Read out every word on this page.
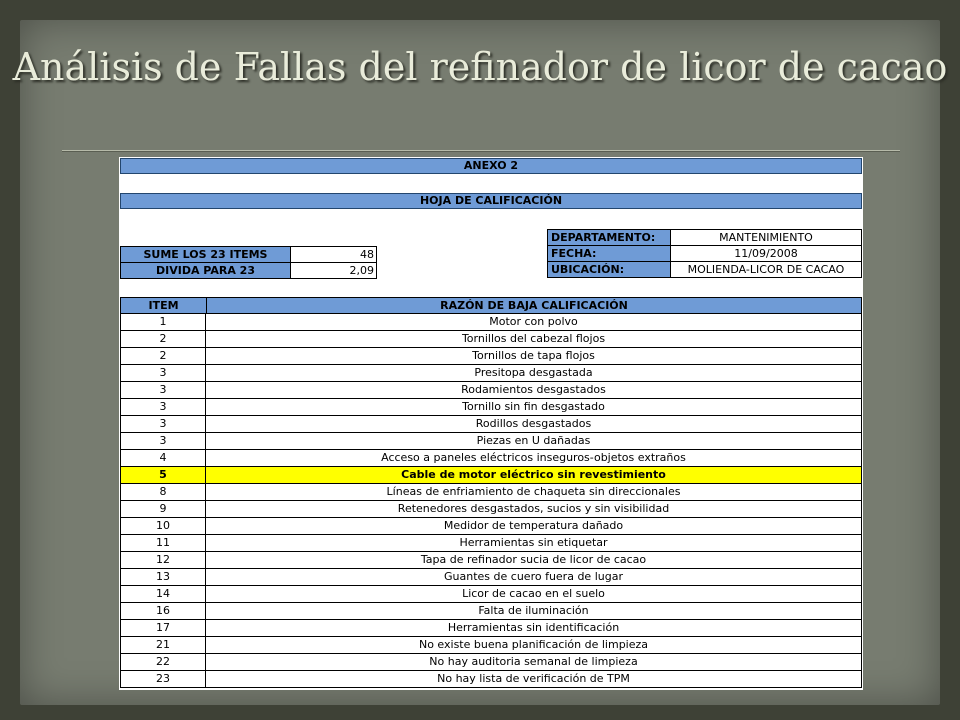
Análisis de Fallas del refinador de licor de cacao
ANEXO 2
HOJA DE CALIFICACIÓN
SUME LOS 23 ITEMS	48
DIVIDA PARA 23	2,09
DEPARTAMENTO:	MANTENIMIENTO
FECHA:	11/09/2008
UBICACIÓN:	MOLIENDA-LICOR DE CACAO
ITEM	RAZÓN DE BAJA CALIFICACIÓN
1	Motor con polvo
2	Tornillos del cabezal flojos
2	Tornillos de tapa flojos
3	Presitopa desgastada
3	Rodamientos desgastados
3	Tornillo sin fin desgastado
3	Rodillos desgastados
3	Piezas en U dañadas
4	Acceso a paneles eléctricos inseguros-objetos extraños
5	Cable de motor eléctrico sin revestimiento
8	Líneas de enfriamiento de chaqueta sin direccionales
9	Retenedores desgastados, sucios y sin visibilidad
10	Medidor de temperatura dañado
11	Herramientas sin etiquetar
12	Tapa de refinador sucia de licor de cacao
13	Guantes de cuero fuera de lugar
14	Licor de cacao en el suelo
16	Falta de iluminación
17	Herramientas sin identificación
21	No existe buena planificación de limpieza
22	No hay auditoria semanal de limpieza
23	No hay lista de verificación de TPM
